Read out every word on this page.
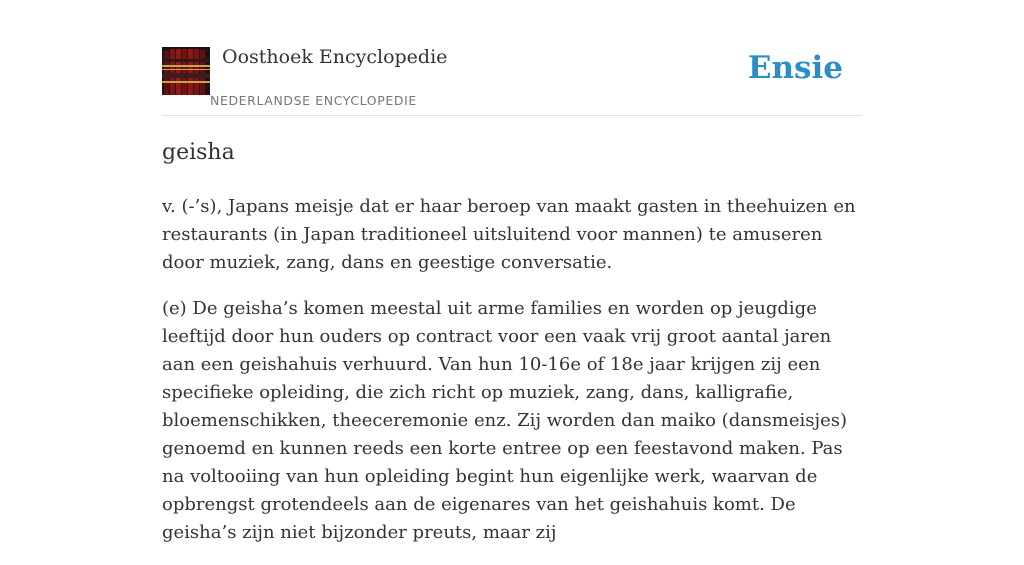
Oosthoek Encyclopedie
NEDERLANDSE ENCYCLOPEDIE
Ensie
geisha

v. (-’s), Japans meisje dat er haar beroep van maakt gasten in theehuizen en restaurants (in Japan traditioneel uitsluitend voor mannen) te amuseren door muziek, zang, dans en geestige conversatie.

(e) De geisha’s komen meestal uit arme families en worden op jeugdige leeftijd door hun ouders op contract voor een vaak vrij groot aantal jaren aan een geishahuis verhuurd. Van hun 10-16e of 18e jaar krijgen zij een specifieke opleiding, die zich richt op muziek, zang, dans, kalligrafie, bloemenschikken, theeceremonie enz. Zij worden dan maiko (dansmeisjes) genoemd en kunnen reeds een korte entree op een feestavond maken. Pas na voltooiing van hun opleiding begint hun eigenlijke werk, waarvan de opbrengst grotendeels aan de eigenares van het geishahuis komt. De geisha’s zijn niet bijzonder preuts, maar zij
